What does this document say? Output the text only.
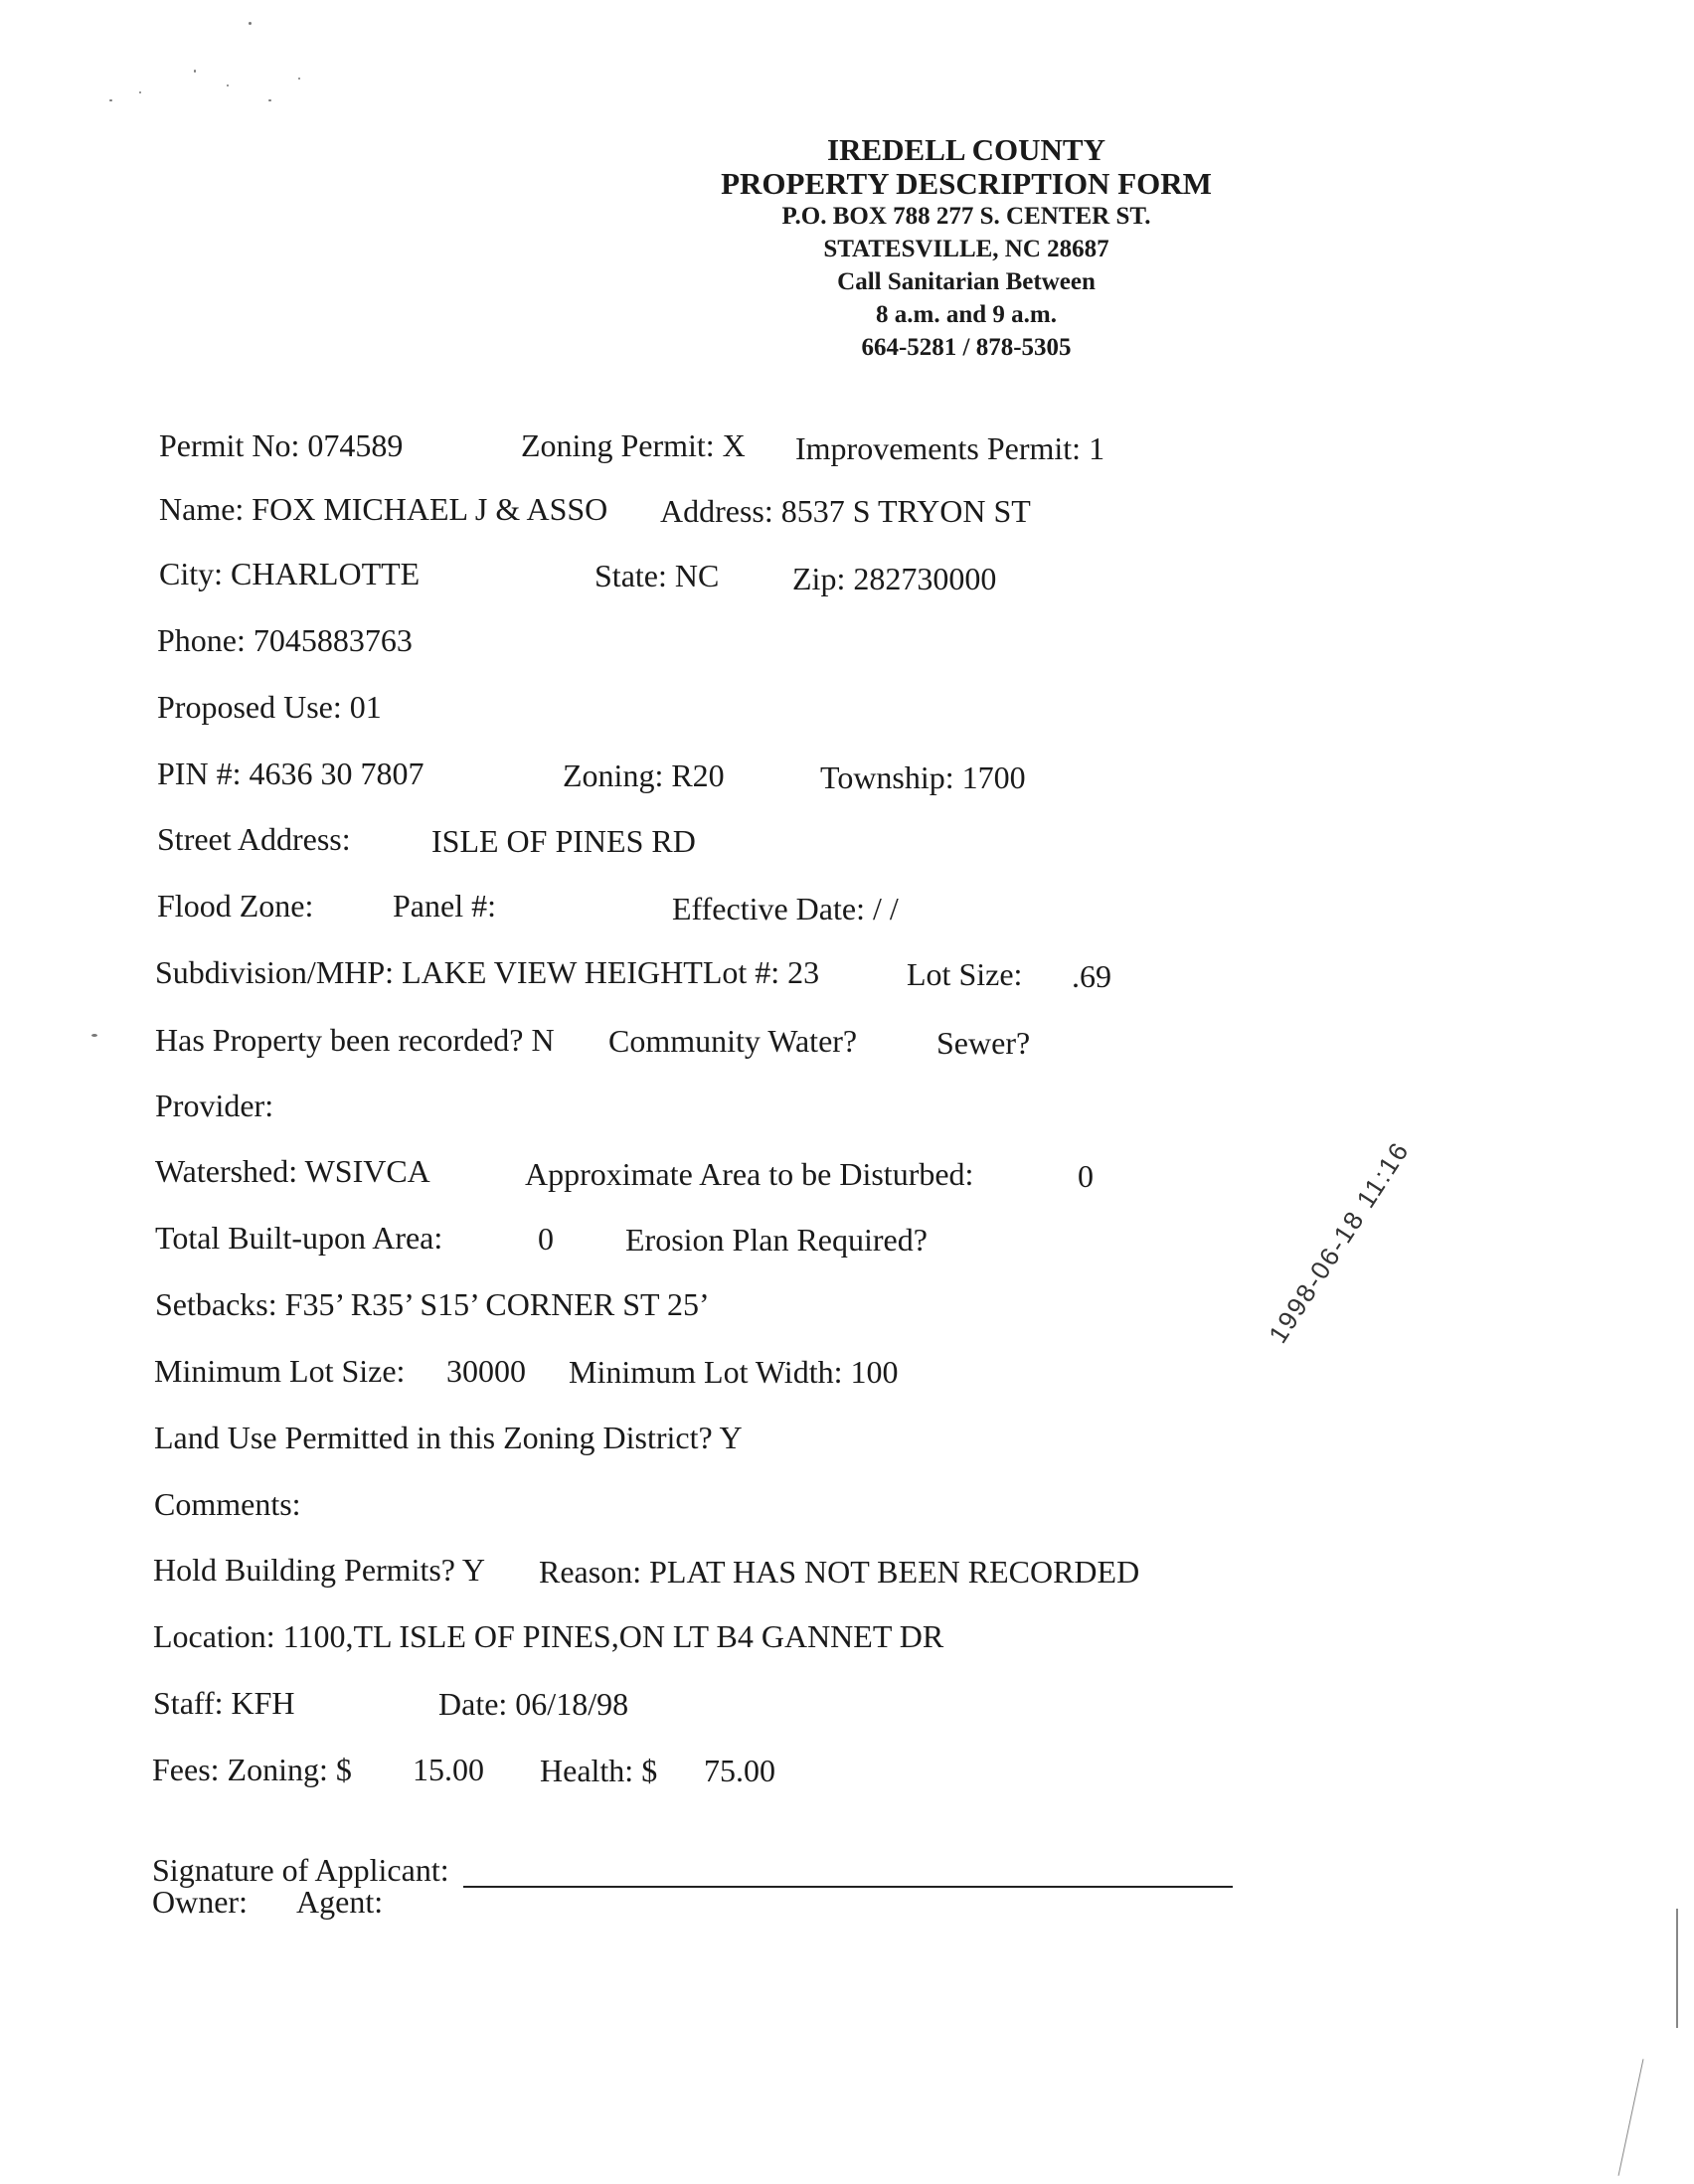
IREDELL COUNTY
PROPERTY DESCRIPTION FORM
P.O. BOX 788 277 S. CENTER ST.
STATESVILLE, NC 28687
Call Sanitarian Between
8 a.m. and 9 a.m.
664-5281 / 878-5305
Permit No: 074589	Zoning Permit: X Improvements Permit: 1
Name: FOX MICHAEL J & ASSO Address: 8537 S TRYON ST
City: CHARLOTTE	State: NC Zip: 282730000
Phone: 7045883763
Proposed Use: 01
PIN #: 4636 30 7807	Zoning: R20	Township: 1700
Street Address:	ISLE OF PINES RD
Flood Zone: Panel #:	Effective Date: / /
Subdivision/MHP: LAKE VIEW HEIGHTLot #: 23	Lot Size: .69
Has Property been recorded? N Community Water? Sewer?
Provider:
Watershed: WSIVCA	Approximate Area to be Disturbed:	0
Total Built-upon Area:	0 Erosion Plan Required?
Setbacks: F35’ R35’ S15’ CORNER ST 25’
Minimum Lot Size: 30000 Minimum Lot Width: 100
Land Use Permitted in this Zoning District? Y
Comments:
Hold Building Permits? Y Reason: PLAT HAS NOT BEEN RECORDED
Location: 1100,TL ISLE OF PINES,ON LT B4 GANNET DR
Staff: KFH	Date: 06/18/98
Fees: Zoning: $ 15.00 Health: $ 75.00
Signature of Applicant:
Owner: Agent:
1998-06-18 11:16
